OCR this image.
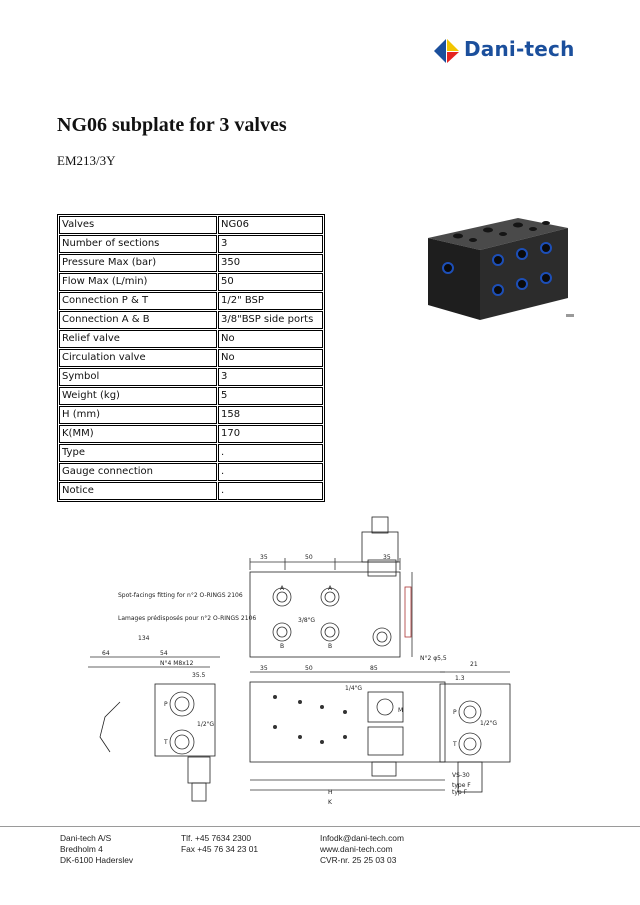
Dani-tech
NG06 subplate for 3 valves
EM213/3Y
Valves	NG06
Number of sections	3
Pressure Max (bar)	350
Flow Max (L/min)	50
Connection P & T	1/2" BSP
Connection A & B	3/8"BSP side ports
Relief valve	No
Circulation valve	No
Symbol	3
Weight (kg)	5
H (mm)	158
K(MM)	170
Type	.
Gauge connection	.
Notice	.
Spot-facings fitting for n°2 O-RINGS 2106
Lamages prédisposés pour n°2 O-RINGS 2106
35	50	35
35	50	85
134
64	54
35.5
N°4 M8x12
N°2 φ5,5
1.3
21
H
K
3/8"G
1/2"G	1/2"G
1/4"G
VS-30
type F
typ F
A	A
B	B
P
T
P
T
M
Dani-tech A/S
Bredholm 4
DK-6100 Haderslev
Tlf. +45 7634 2300
Fax +45 76 34 23 01
Infodk@dani-tech.com
www.dani-tech.com
CVR-nr. 25 25 03 03
